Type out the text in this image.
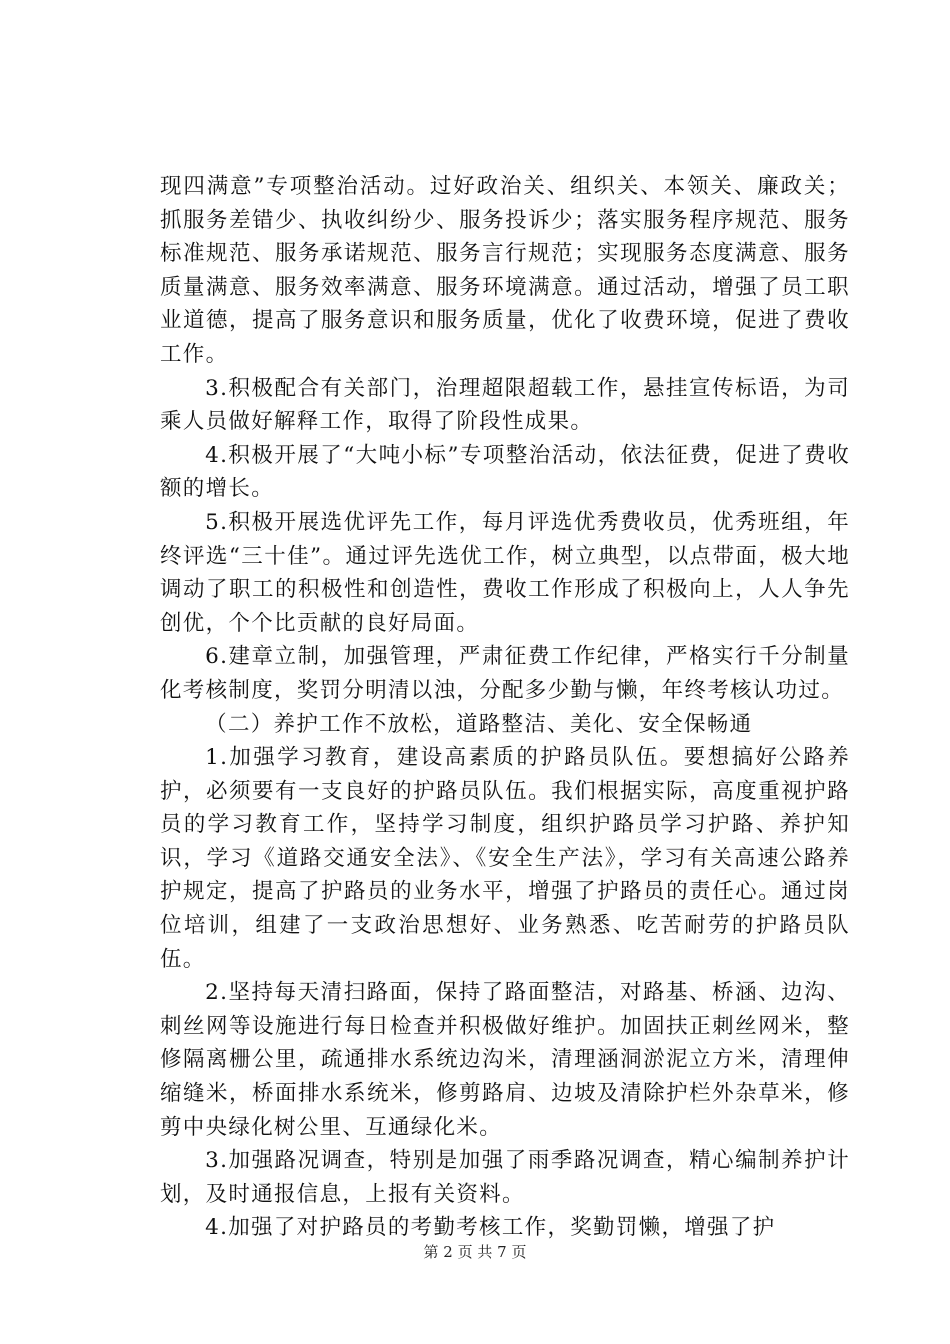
现四满意”专项整治活动。过好政治关、组织关、本领关、廉政关；抓服务差错少、执收纠纷少、服务投诉少；落实服务程序规范、服务标准规范、服务承诺规范、服务言行规范；实现服务态度满意、服务质量满意、服务效率满意、服务环境满意。通过活动，增强了员工职业道德，提高了服务意识和服务质量，优化了收费环境，促进了费收工作。

3.积极配合有关部门，治理超限超载工作，悬挂宣传标语，为司乘人员做好解释工作，取得了阶段性成果。

4.积极开展了“大吨小标”专项整治活动，依法征费，促进了费收额的增长。

5.积极开展选优评先工作，每月评选优秀费收员，优秀班组，年终评选“三十佳”。通过评先选优工作，树立典型，以点带面，极大地调动了职工的积极性和创造性，费收工作形成了积极向上，人人争先创优，个个比贡献的良好局面。

6.建章立制，加强管理，严肃征费工作纪律，严格实行千分制量化考核制度，奖罚分明清以浊，分配多少勤与懒，年终考核认功过。

（二）养护工作不放松，道路整洁、美化、安全保畅通

1.加强学习教育，建设高素质的护路员队伍。要想搞好公路养护，必须要有一支良好的护路员队伍。我们根据实际，高度重视护路员的学习教育工作，坚持学习制度，组织护路员学习护路、养护知识，学习《道路交通安全法》、《安全生产法》，学习有关高速公路养护规定，提高了护路员的业务水平，增强了护路员的责任心。通过岗位培训，组建了一支政治思想好、业务熟悉、吃苦耐劳的护路员队伍。

2.坚持每天清扫路面，保持了路面整洁，对路基、桥涵、边沟、刺丝网等设施进行每日检查并积极做好维护。加固扶正刺丝网米，整修隔离栅公里，疏通排水系统边沟米，清理涵洞淤泥立方米，清理伸缩缝米，桥面排水系统米，修剪路肩、边坡及清除护栏外杂草米，修剪中央绿化树公里、互通绿化米。

3.加强路况调查，特别是加强了雨季路况调查，精心编制养护计划，及时通报信息，上报有关资料。

4.加强了对护路员的考勤考核工作，奖勤罚懒，增强了护

第 2 页 共 7 页
